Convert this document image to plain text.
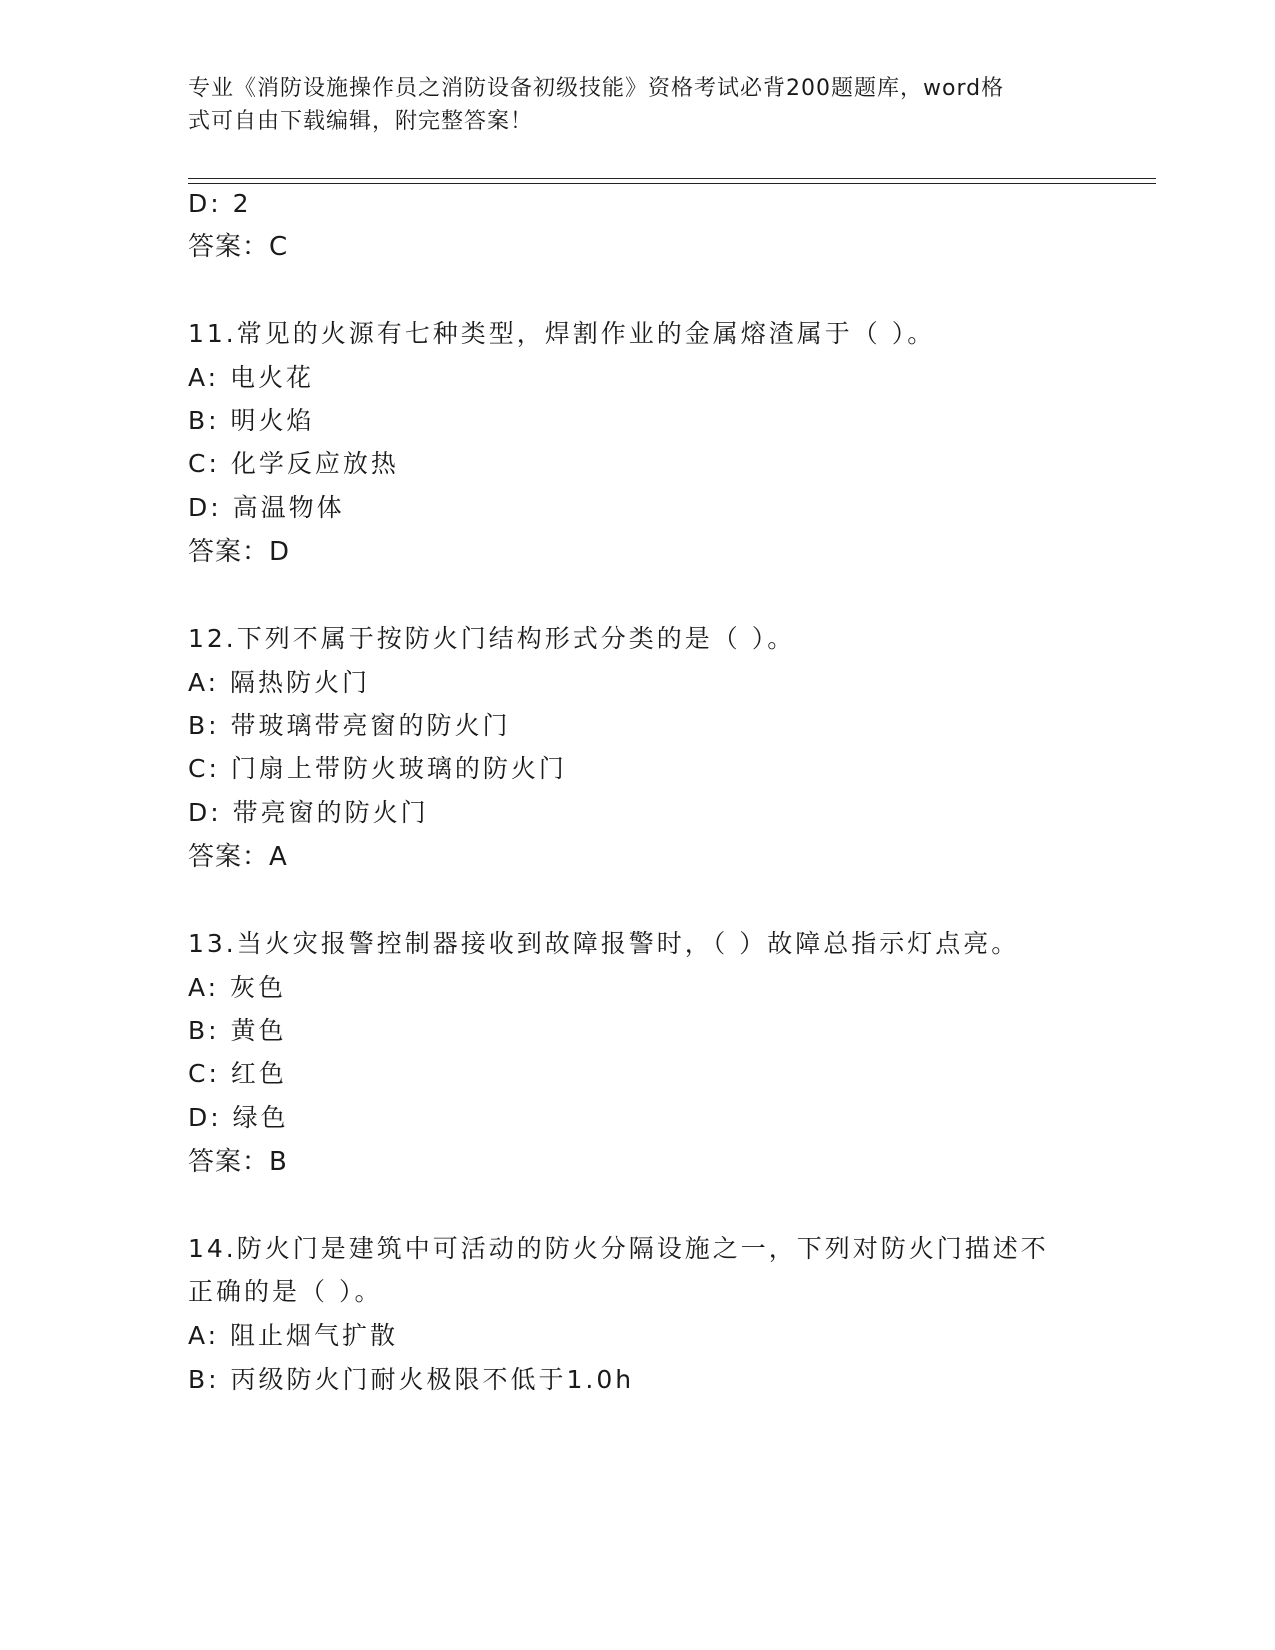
专业《消防设施操作员之消防设备初级技能》资格考试必背200题题库，word格
式可自由下载编辑，附完整答案！
D: 2
答案：C
11.常见的火源有七种类型，焊割作业的金属熔渣属于（ ）。
A: 电火花
B: 明火焰
C: 化学反应放热
D: 高温物体
答案：D
12.下列不属于按防火门结构形式分类的是（ ）。
A: 隔热防火门
B: 带玻璃带亮窗的防火门
C: 门扇上带防火玻璃的防火门
D: 带亮窗的防火门
答案：A
13.当火灾报警控制器接收到故障报警时，（ ）故障总指示灯点亮。
A: 灰色
B: 黄色
C: 红色
D: 绿色
答案：B
14.防火门是建筑中可活动的防火分隔设施之一，下列对防火门描述不
正确的是（ ）。
A: 阻止烟气扩散
B: 丙级防火门耐火极限不低于1.0h
